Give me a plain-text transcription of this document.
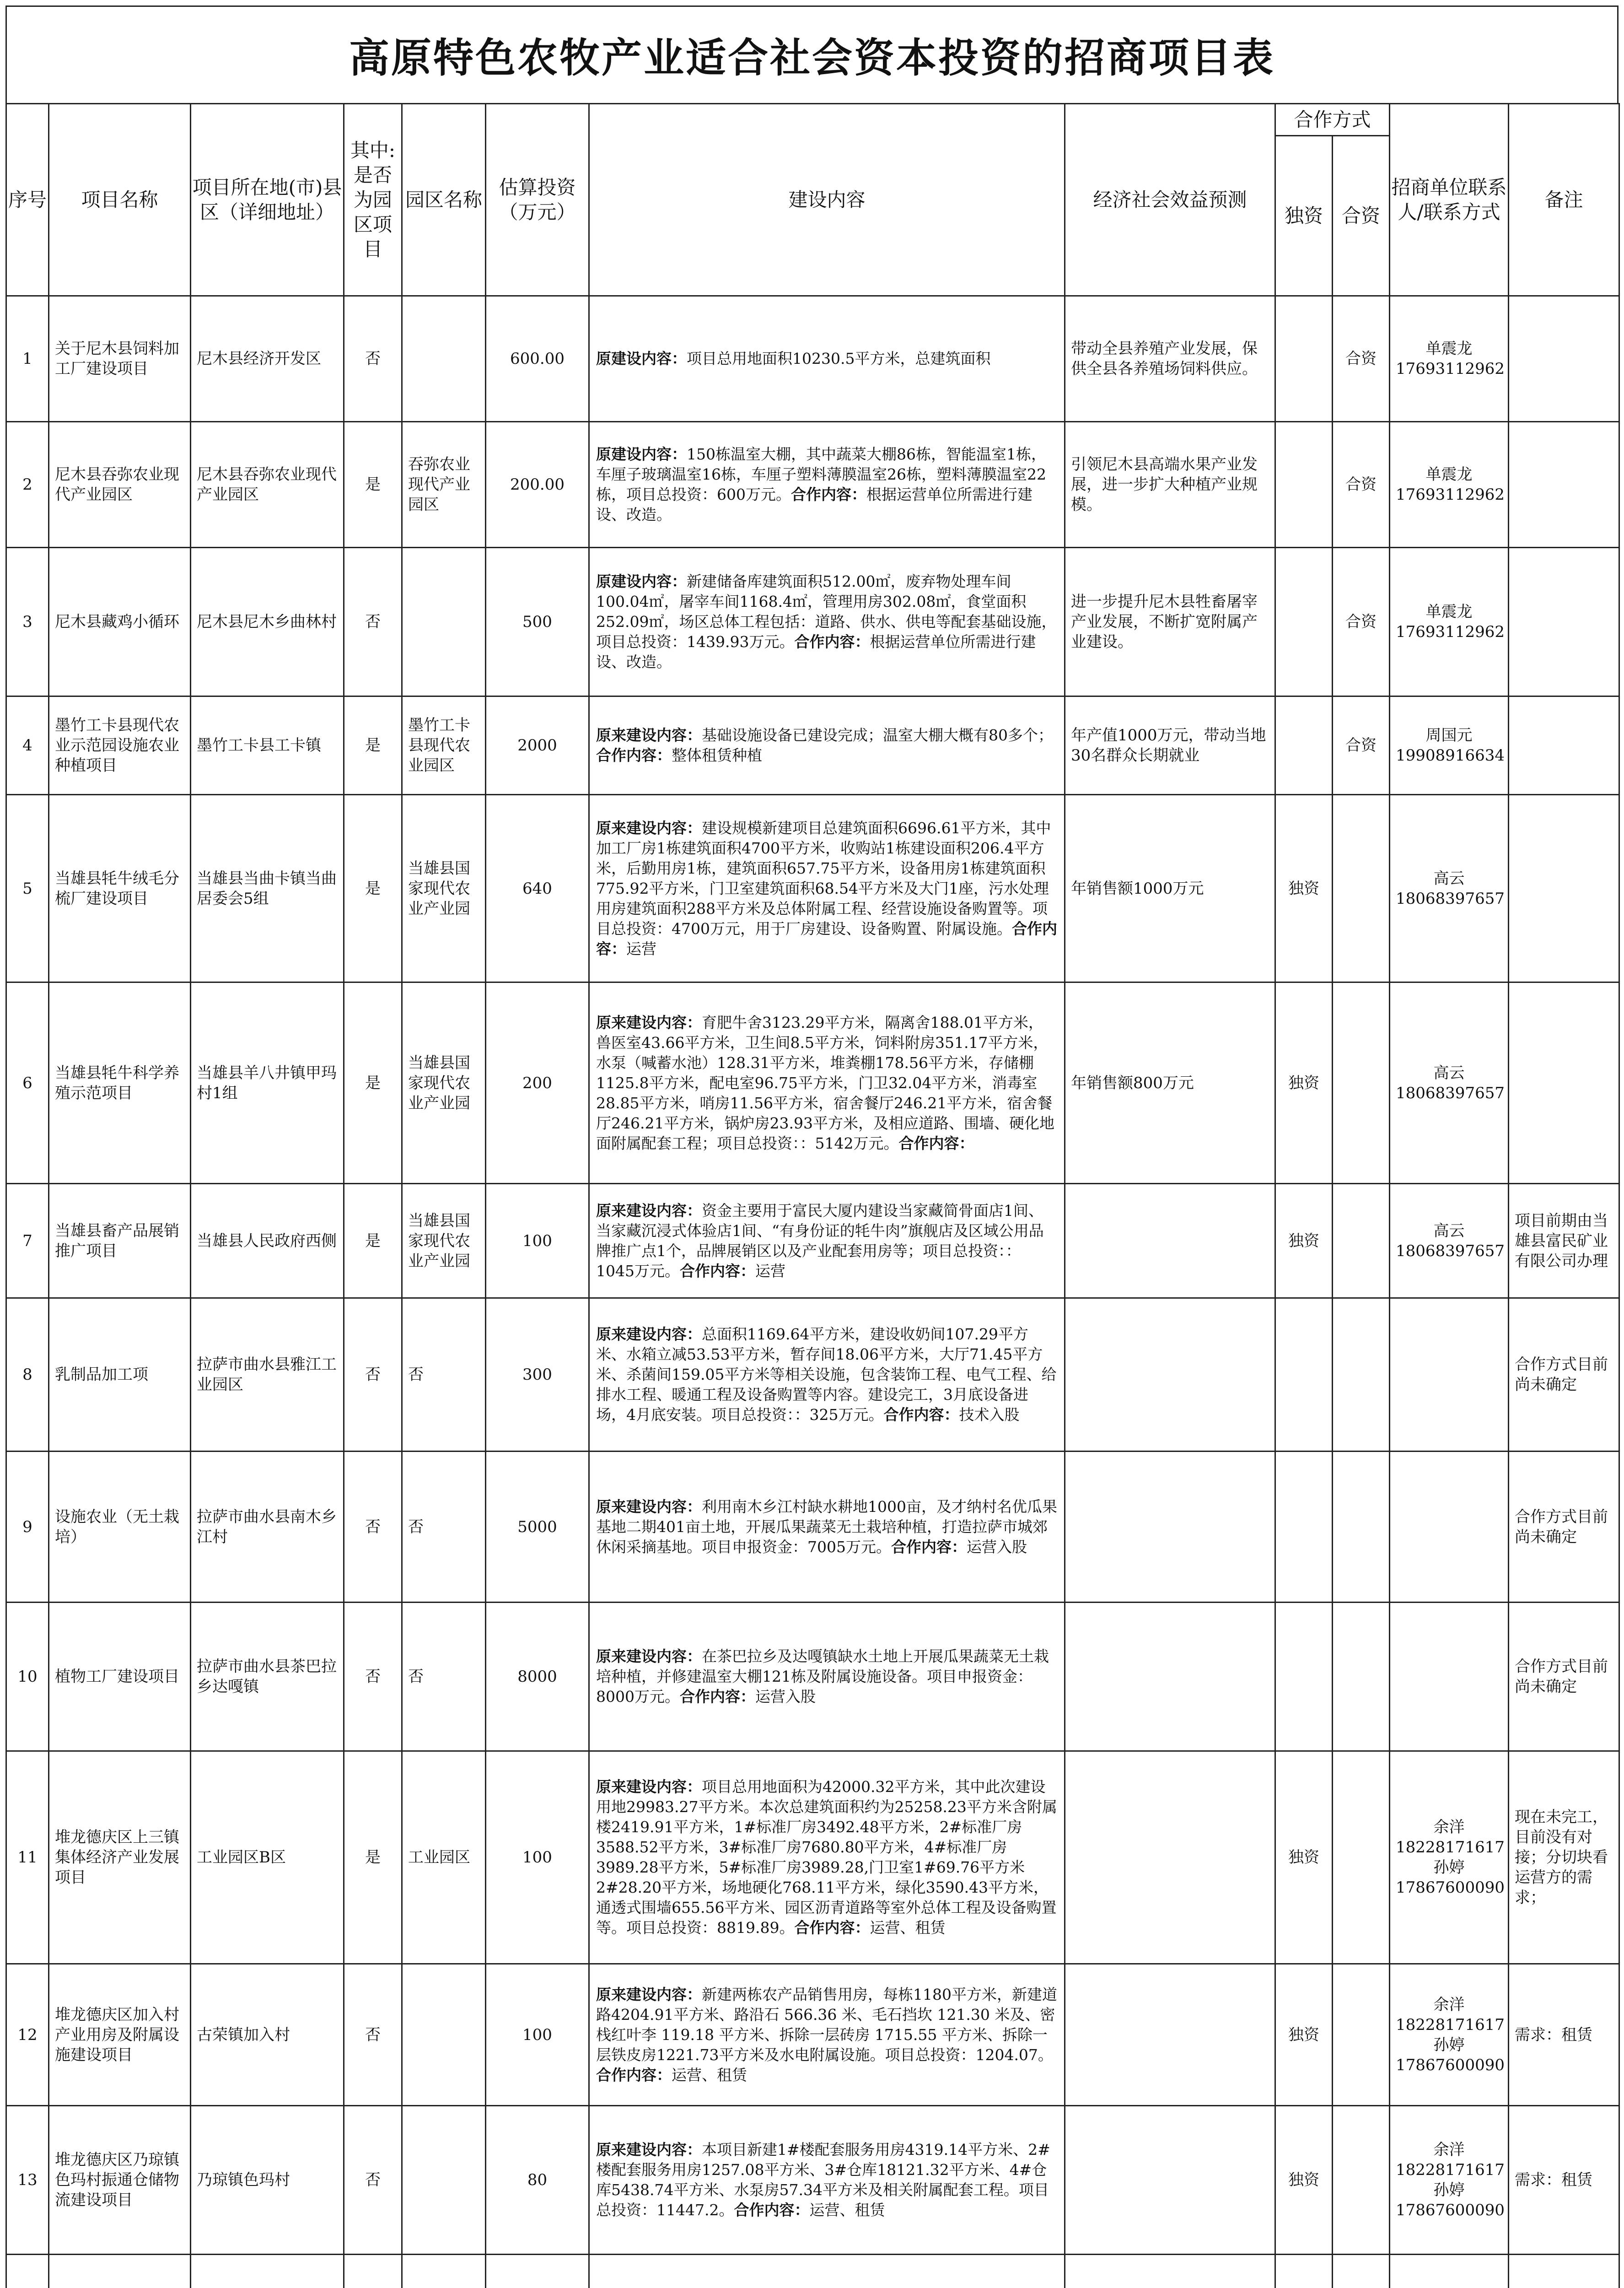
高原特色农牧产业适合社会资本投资的招商项目表
序号	项目名称	项目所在地(市)县区（详细地址）	其中:是否为园区项目	园区名称	估算投资（万元）	建设内容	经济社会效益预测	合作方式		招商单位联系人/联系方式	备注
								独资	合资		

1	关于尼木县饲料加工厂建设项目	尼木县经济开发区	否		600.00	原建设内容：项目总用地面积10230.5平方米，总建筑面积	带动全县养殖产业发展，保供全县各养殖场饲料供应。		合资	单震龙 17693112962	

2	尼木县吞弥农业现代产业园区	尼木县吞弥农业现代产业园区	是	吞弥农业现代产业园区	200.00	原建设内容：150栋温室大棚，其中蔬菜大棚86栋，智能温室1栋，车厘子玻璃温室16栋，车厘子塑料薄膜温室26栋，塑料薄膜温室22栋，项目总投资：600万元。合作内容：根据运营单位所需进行建设、改造。	引领尼木县高端水果产业发展，进一步扩大种植产业规模。		合资	单震龙 17693112962	

3	尼木县藏鸡小循环	尼木县尼木乡曲林村	否		500	原建设内容：新建储备库建筑面积512.00㎡，废弃物处理车间100.04㎡，屠宰车间1168.4㎡，管理用房302.08㎡，食堂面积252.09㎡，场区总体工程包括：道路、供水、供电等配套基础设施，项目总投资：1439.93万元。合作内容：根据运营单位所需进行建设、改造。	进一步提升尼木县牲畜屠宰产业发展，不断扩宽附属产业建设。		合资	单震龙 17693112962	

4	墨竹工卡县现代农业示范园设施农业种植项目	墨竹工卡县工卡镇	是	墨竹工卡县现代农业园区	2000	原来建设内容：基础设施设备已建设完成；温室大棚大概有80多个；合作内容：整体租赁种植	年产值1000万元，带动当地30名群众长期就业		合资	周国元 19908916634	

5	当雄县牦牛绒毛分梳厂建设项目	当雄县当曲卡镇当曲居委会5组	是	当雄县国家现代农业产业园	640	原来建设内容：建设规模新建项目总建筑面积6696.61平方米，其中加工厂房1栋建筑面积4700平方米，收购站1栋建设面积206.4平方米，后勤用房1栋，建筑面积657.75平方米，设备用房1栋建筑面积775.92平方米，门卫室建筑面积68.54平方米及大门1座，污水处理用房建筑面积288平方米及总体附属工程、经营设施设备购置等。项目总投资：4700万元，用于厂房建设、设备购置、附属设施。合作内容：运营	年销售额1000万元	独资		高云 18068397657	

6	当雄县牦牛科学养殖示范项目	当雄县羊八井镇甲玛村1组	是	当雄县国家现代农业产业园	200	原来建设内容：育肥牛舍3123.29平方米，隔离舍188.01平方米，兽医室43.66平方米，卫生间8.5平方米，饲料附房351.17平方米，水泵（喊蓄水池）128.31平方米，堆粪棚178.56平方米，存储棚1125.8平方米，配电室96.75平方米，门卫32.04平方米，消毒室28.85平方米，哨房11.56平方米，宿舍餐厅246.21平方米，宿舍餐厅246.21平方米，锅炉房23.93平方米，及相应道路、围墙、硬化地面附属配套工程；项目总投资：：5142万元。合作内容：	年销售额800万元	独资		高云 18068397657	

7	当雄县畜产品展销推广项目	当雄县人民政府西侧	是	当雄县国家现代农业产业园	100	原来建设内容：资金主要用于富民大厦内建设当家藏简骨面店1间、当家藏沉浸式体验店1间、“有身份证的牦牛肉”旗舰店及区域公用品牌推广点1个，品牌展销区以及产业配套用房等；项目总投资：：1045万元。合作内容：运营		独资		高云 18068397657	项目前期由当雄县富民矿业有限公司办理

8	乳制品加工项	拉萨市曲水县雅江工业园区	否	否	300	原来建设内容：总面积1169.64平方米，建设收奶间107.29平方米、水箱立减53.53平方米，暂存间18.06平方米，大厅71.45平方米、杀菌间159.05平方米等相关设施，包含装饰工程、电气工程、给排水工程、暖通工程及设备购置等内容。建设完工，3月底设备进场，4月底安装。项目总投资：：325万元。合作内容：技术入股					合作方式目前尚未确定

9	设施农业（无土栽培）	拉萨市曲水县南木乡江村	否	否	5000	原来建设内容：利用南木乡江村缺水耕地1000亩，及才纳村名优瓜果基地二期401亩土地，开展瓜果蔬菜无土栽培种植，打造拉萨市城郊休闲采摘基地。项目申报资金：7005万元。合作内容：运营入股					合作方式目前尚未确定

10	植物工厂建设项目	拉萨市曲水县茶巴拉乡达嘎镇	否	否	8000	原来建设内容：在茶巴拉乡及达嘎镇缺水土地上开展瓜果蔬菜无土栽培种植，并修建温室大棚121栋及附属设施设备。项目申报资金：8000万元。合作内容：运营入股					合作方式目前尚未确定

11	堆龙德庆区上三镇集体经济产业发展项目	工业园区B区	是	工业园区	100	原来建设内容：项目总用地面积为42000.32平方米，其中此次建设用地29983.27平方米。本次总建筑面积约为25258.23平方米含附属楼2419.91平方米，1#标准厂房3492.48平方米，2#标准厂房3588.52平方米，3#标准厂房7680.80平方米，4#标准厂房3989.28平方米，5#标准厂房3989.28,门卫室1#69.76平方米2#28.20平方米，场地硬化768.11平方米，绿化3590.43平方米，通透式围墙655.56平方米、园区沥青道路等室外总体工程及设备购置等。项目总投资：8819.89。合作内容：运营、租赁		独资		余洋 18228171617 孙婷 17867600090	现在未完工，目前没有对接；分切块看运营方的需求；

12	堆龙德庆区加入村产业用房及附属设施建设项目	古荣镇加入村	否		100	原来建设内容：新建两栋农产品销售用房，每栋1180平方米，新建道路4204.91平方米、路沿石 566.36 米、毛石挡坎 121.30 米及、密栈红叶李 119.18 平方米、拆除一层砖房 1715.55 平方米、拆除一层铁皮房1221.73平方米及水电附属设施。项目总投资：1204.07。合作内容：运营、租赁		独资		余洋 18228171617 孙婷 17867600090	需求：租赁

13	堆龙德庆区乃琼镇色玛村振通仓储物流建设项目	乃琼镇色玛村	否		80	原来建设内容：本项目新建1#楼配套服务用房4319.14平方米、2#楼配套服务用房1257.08平方米、3#仓库18121.32平方米、4#仓库5438.74平方米、水泵房57.34平方米及相关附属配套工程。项目总投资：11447.2。合作内容：运营、租赁		独资		余洋 18228171617 孙婷 17867600090	需求：租赁
